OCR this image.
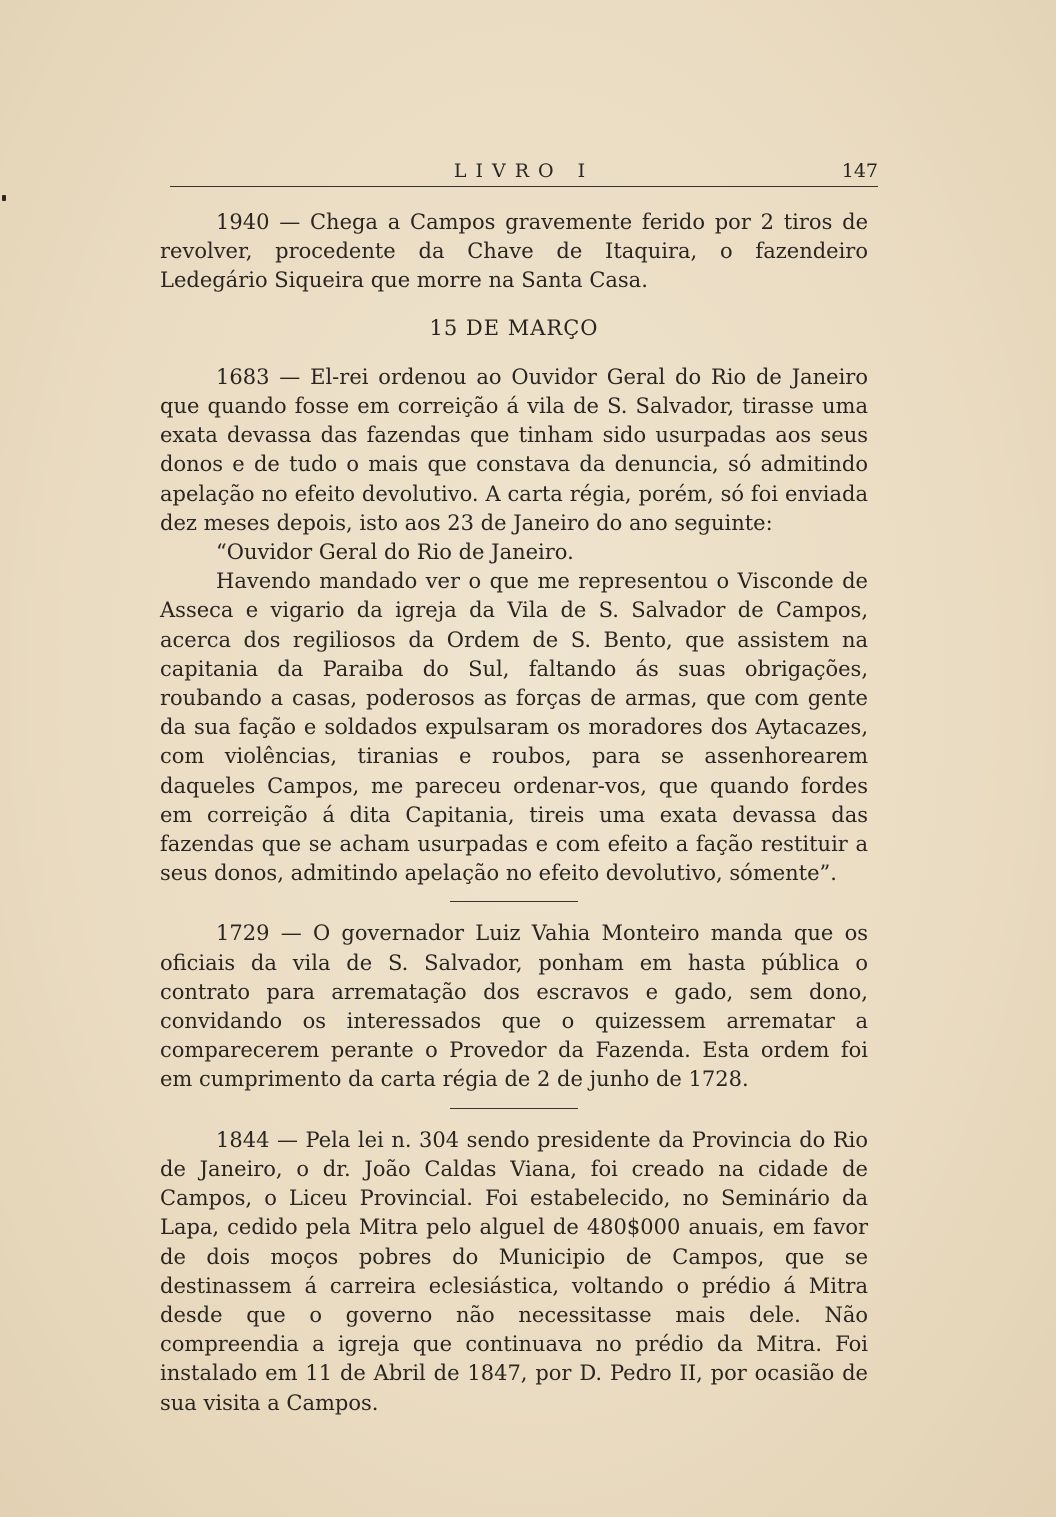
LIVRO I	147

1940 — Chega a Campos gravemente ferido por 2 tiros de revolver, procedente da Chave de Itaquira, o fazendeiro Ledegário Siqueira que morre na Santa Casa.

15 DE MARÇO

1683 — El-rei ordenou ao Ouvidor Geral do Rio de Janeiro que quando fosse em correição á vila de S. Salvador, tirasse uma exata devassa das fazendas que tinham sido usurpadas aos seus donos e de tudo o mais que constava da denuncia, só admitindo apelação no efeito devolutivo. A carta régia, porém, só foi enviada dez meses depois, isto aos 23 de Janeiro do ano seguinte:

“Ouvidor Geral do Rio de Janeiro.

Havendo mandado ver o que me representou o Visconde de Asseca e vigario da igreja da Vila de S. Salvador de Campos, acerca dos regiliosos da Ordem de S. Bento, que assistem na capitania da Paraiba do Sul, faltando ás suas obrigações, roubando a casas, poderosos as forças de armas, que com gente da sua fação e soldados expulsaram os moradores dos Aytacazes, com violências, tiranias e roubos, para se assenhorearem daqueles Campos, me pareceu ordenar-vos, que quando fordes em correição á dita Capitania, tireis uma exata devassa das fazendas que se acham usurpadas e com efeito a fação restituir a seus donos, admitindo apelação no efeito devolutivo, sómente”.

1729 — O governador Luiz Vahia Monteiro manda que os oficiais da vila de S. Salvador, ponham em hasta pública o contrato para arrematação dos escravos e gado, sem dono, convidando os interessados que o quizessem arrematar a comparecerem perante o Provedor da Fazenda. Esta ordem foi em cumprimento da carta régia de 2 de junho de 1728.

1844 — Pela lei n. 304 sendo presidente da Provincia do Rio de Janeiro, o dr. João Caldas Viana, foi creado na cidade de Campos, o Liceu Provincial. Foi estabelecido, no Seminário da Lapa, cedido pela Mitra pelo alguel de 480$000 anuais, em favor de dois moços pobres do Municipio de Campos, que se destinassem á carreira eclesiástica, voltando o prédio á Mitra desde que o governo não necessitasse mais dele. Não compreendia a igreja que continuava no prédio da Mitra. Foi instalado em 11 de Abril de 1847, por D. Pedro II, por ocasião de sua visita a Campos.
